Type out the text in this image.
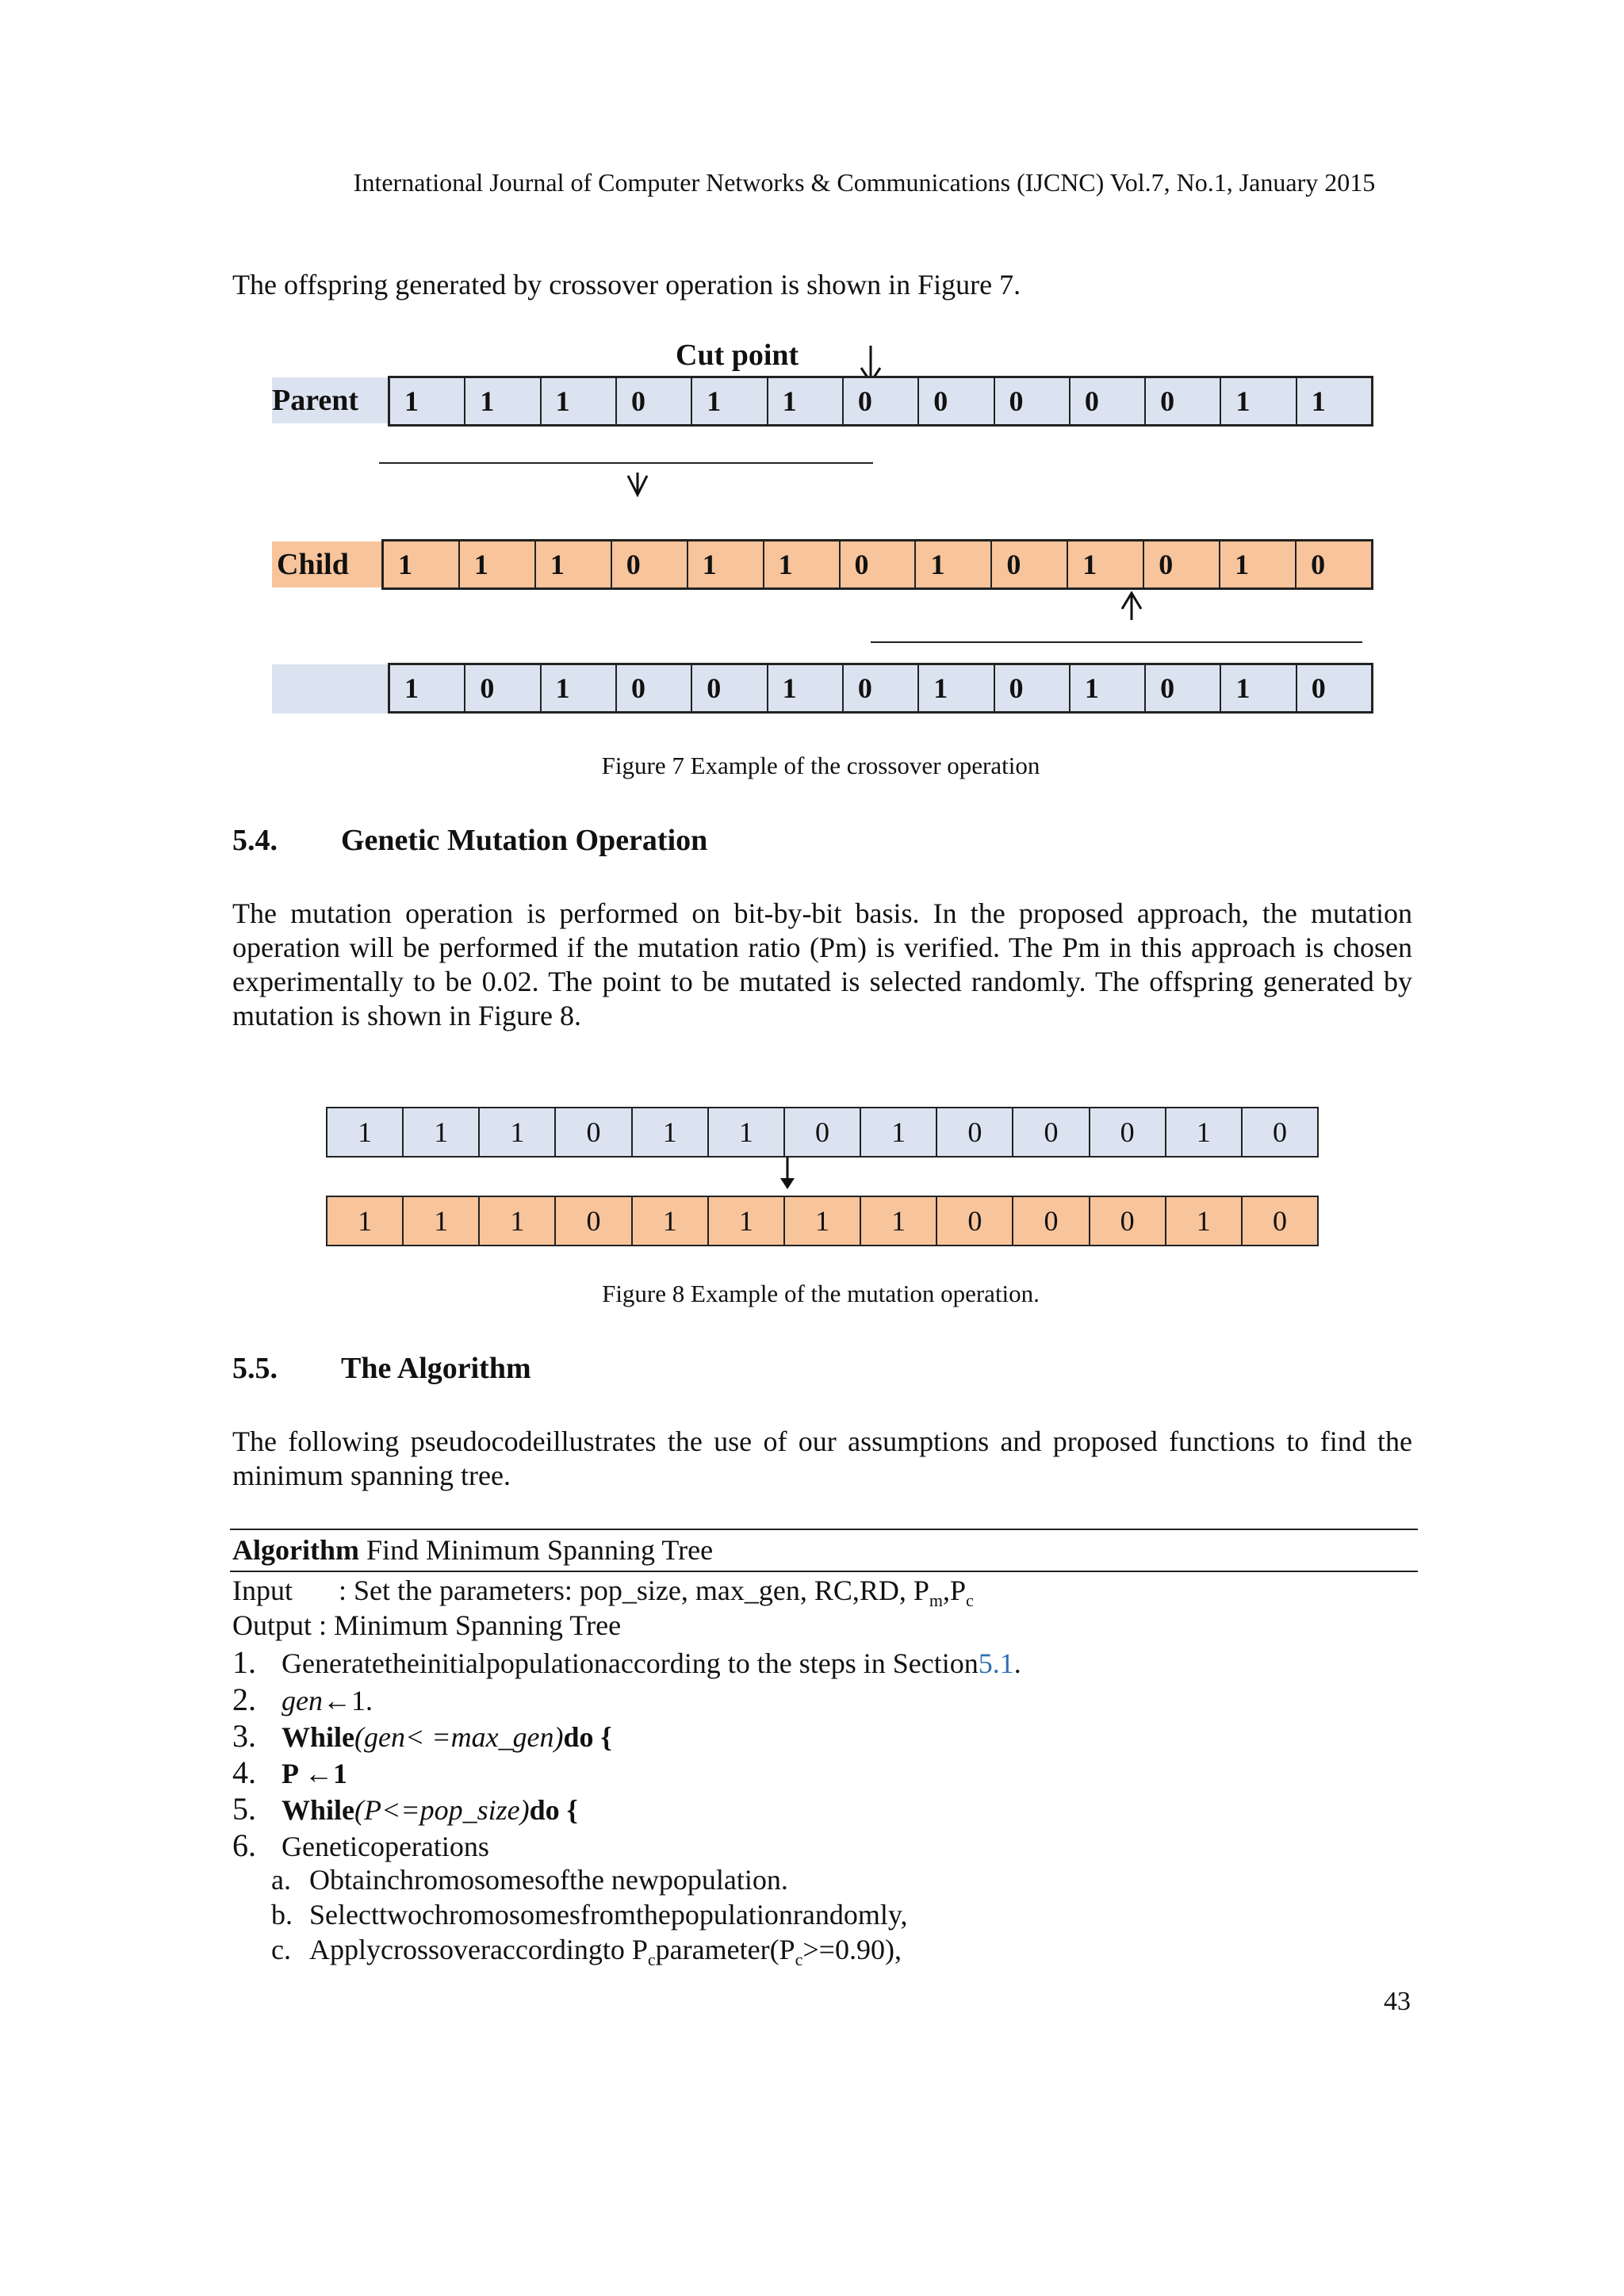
International Journal of Computer Networks & Communications (IJCNC) Vol.7, No.1, January 2015
The offspring generated by crossover operation is shown in Figure 7.
Cut point
Parent	1	1	1	0	1	1	0	0	0	0	0	1	1
Child	1	1	1	0	1	1	0	1	0	1	0	1	0
1	0	1	0	0	1	0	1	0	1	0	1	0
Figure 7 Example of the crossover operation
5.4. Genetic Mutation Operation
The mutation operation is performed on bit-by-bit basis. In the proposed approach, the mutation operation will be performed if the mutation ratio (Pm) is verified. The Pm in this approach is chosen experimentally to be 0.02. The point to be mutated is selected randomly. The offspring generated by mutation is shown in Figure 8.
1	1	1	0	1	1	0	1	0	0	0	1	0
1	1	1	0	1	1	1	1	0	0	0	1	0
Figure 8 Example of the mutation operation.
5.5. The Algorithm
The following pseudocodeillustrates the use of our assumptions and proposed functions to find the minimum spanning tree.
Algorithm Find Minimum Spanning Tree
Input : Set the parameters: pop_size, max_gen, RC,RD, $P_m,P_c$
Output : Minimum Spanning Tree
1. Generatetheinitialpopulationaccording to the steps in Section5.1.
2. gen←1.
3. While(gen< =max_gen)do {
4. P ←1
5. While(P<=pop_size)do {
6. Geneticoperations
a. Obtainchromosomesofthe newpopulation.
b. Selecttwochromosomesfromthepopulationrandomly,
c. Applycrossoveraccordingto $P_cparameter(P_c>=0.90)$,
43
